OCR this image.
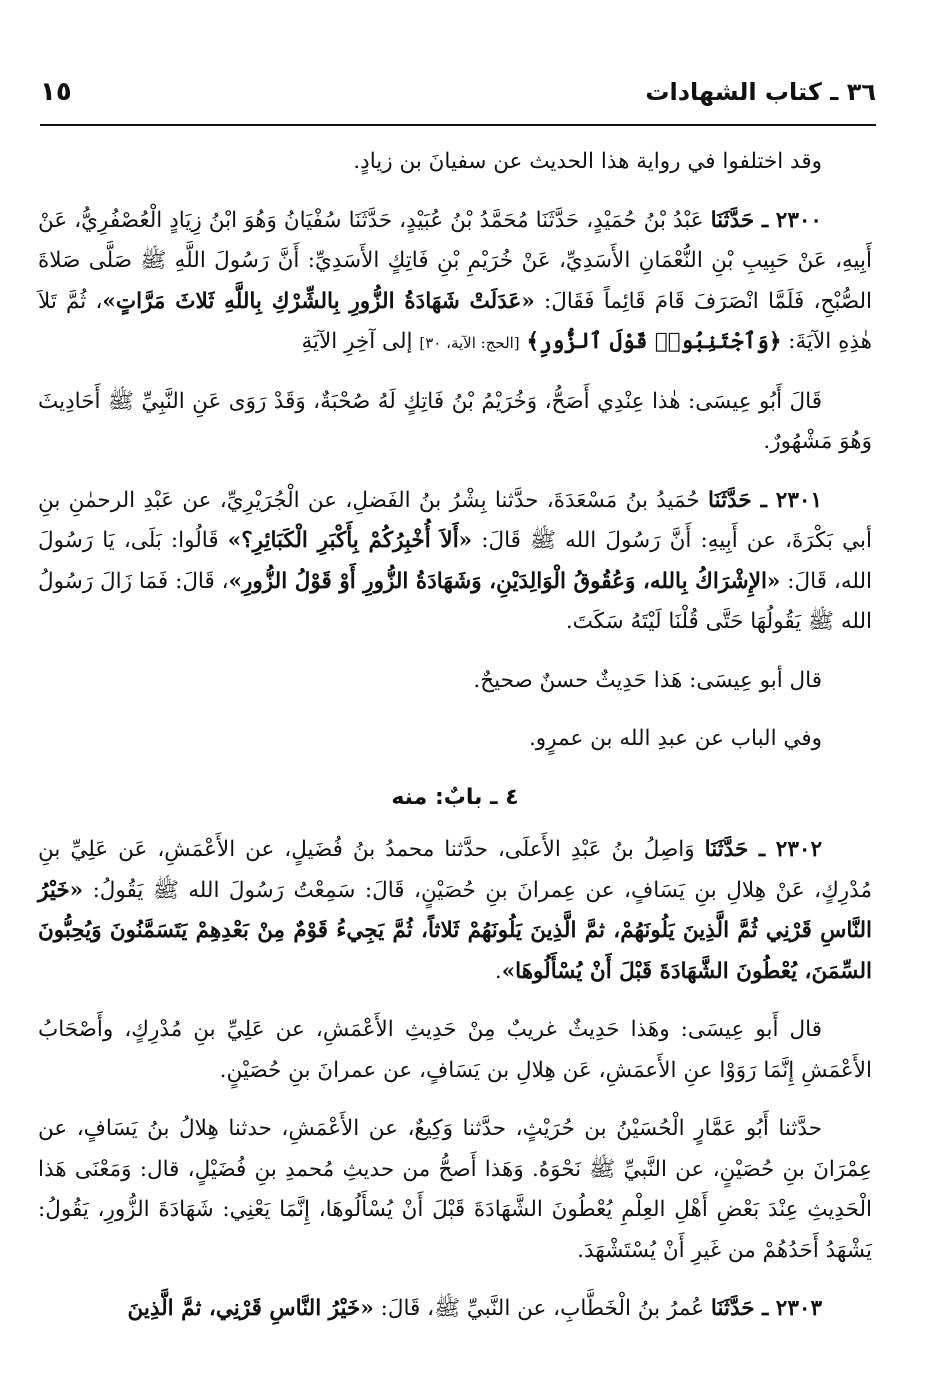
٣٦ ـ كتاب الشهادات
١٥

وقد اختلفوا في رواية هذا الحديث عن سفيانَ بن زيادٍ.

٢٣٠٠ ـ حَدَّثَنَا عَبْدُ بْنُ حُمَيْدٍ، حَدَّثَنَا مُحَمَّدُ بْنُ عُبَيْدٍ، حَدَّثَنَا سُفْيَانُ وَهُوَ ابْنُ زِيَادٍ الْعُصْفُرِيُّ، عَنْ أَبِيهِ، عَنْ حَبِيبِ بْنِ النُّعْمَانِ الأَسَدِيِّ، عَنْ خُرَيْمِ بْنِ فَاتِكٍ الأَسَدِيِّ: أَنَّ رَسُولَ اللَّهِ ﷺ صَلَّى صَلاةَ الصُّبْحِ، فَلَمَّا انْصَرَفَ قَامَ قَائِماً فَقَالَ: «عَدَلَتْ شَهَادَةُ الزُّورِ بِالشِّرْكِ بِاللَّهِ ثَلاثَ مَرَّاتٍ»، ثُمَّ تَلاَ هٰذِهِ الآيَةَ: ﴿وَٱجْتَنِبُوا۟ قَوْلَ ٱلزُّورِ﴾ [الحج: الآية، ٣٠] إلى آخِرِ الآيَةِ

قَالَ أَبُو عِيسَى: هٰذا عِنْدِي أَصَحُّ، وَخُرَيْمُ بْنُ فَاتِكٍ لَهُ صُحْبَةٌ، وَقَدْ رَوَى عَنِ النَّبِيِّ ﷺ أَحَادِيثَ وَهُوَ مَشْهُورٌ.

٢٣٠١ ـ حَدَّثَنَا حُمَيدُ بنُ مَسْعَدَةَ، حدَّثنا بِشْرُ بنُ الفَضلِ، عن الْجُرَيْرِيِّ، عن عَبْدِ الرحمٰنِ بنِ أبي بَكْرَةَ، عن أَبِيهِ: أَنَّ رَسُولَ الله ﷺ قَالَ: «أَلاَ أُخْبِرُكُمْ بِأَكْبَرِ الْكَبَائِرِ؟» قَالُوا: بَلَى، يَا رَسُولَ الله، قَالَ: «الإِشْرَاكُ بِالله، وَعُقُوقُ الْوَالِدَيْنِ، وَشَهَادَةُ الزُّورِ أَوْ قَوْلُ الزُّورِ»، قَالَ: فَمَا زَالَ رَسُولُ الله ﷺ يَقُولُهَا حَتَّى قُلْنَا لَيْتَهُ سَكَتَ.

قال أبو عِيسَى: هَذا حَدِيثٌ حسنٌ صحيحٌ.

وفي الباب عن عبدِ الله بن عمرٍو.

٤ ـ بابٌ: منه

٢٣٠٢ ـ حَدَّثَنَا وَاصِلُ بنُ عَبْدِ الأَعلَى، حدَّثنا محمدُ بنُ فُضَيلٍ، عن الأَعْمَشِ، عَن عَلِيِّ بنِ مُدْرِكٍ، عَنْ هِلالِ بنِ يَسَافٍ، عن عِمرانَ بنِ حُصَيْنٍ، قَالَ: سَمِعْتُ رَسُولَ الله ﷺ يَقُولُ: «خَيْرُ النَّاسِ قَرْنِي ثُمَّ الَّذِينَ يَلُونَهُمْ، ثمَّ الَّذِينَ يَلُونَهُمْ ثَلاثاً، ثُمَّ يَجِيءُ قَوْمٌ مِنْ بَعْدِهِمْ يَتَسَمَّنُونَ وَيُحِبُّونَ السِّمَنَ، يُعْطُونَ الشَّهَادَةَ قَبْلَ أَنْ يُسْأَلُوهَا».

قال أَبو عِيسَى: وهَذا حَدِيثٌ غريبٌ مِنْ حَدِيثِ الأَعْمَشِ، عن عَلِيِّ بنِ مُدْرِكٍ، وأَصْحَابُ الأَعْمَشِ إِنَّمَا رَوَوْا عنِ الأَعمَشِ، عَن هِلالِ بن يَسَافٍ، عن عمرانَ بنِ حُصَيْنٍ.

حدَّثنا أَبُو عَمَّارٍ الْحُسَيْنُ بن حُرَيْثٍ، حدَّثنا وَكِيعٌ، عن الأَعْمَشِ، حدثنا هِلالُ بنُ يَسَافٍ، عن عِمْرَانَ بنِ حُصَيْنٍ، عن النَّبيِّ ﷺ نَحْوَهُ. وَهَذا أَصحُّ من حديثِ مُحمدِ بنِ فُضَيْلٍ، قال: وَمَعْنَى هَذا الْحَدِيثِ عِنْدَ بَعْضِ أَهْلِ العِلْمِ يُعْطُونَ الشَّهَادَةَ قَبْلَ أَنْ يُسْأَلُوهَا، إِنَّمَا يَعْنِي: شَهَادَةَ الزُّورِ، يَقُولُ: يَشْهَدُ أَحَدُهُمْ من غَيرِ أَنْ يُسْتَشْهَدَ.

٢٣٠٣ ـ حَدَّثَنَا عُمرُ بنُ الْخَطَّابِ، عن النَّبيِّ ﷺ، قَالَ: «خَيْرُ النَّاسِ قَرْنِي، ثمَّ الَّذِينَ
